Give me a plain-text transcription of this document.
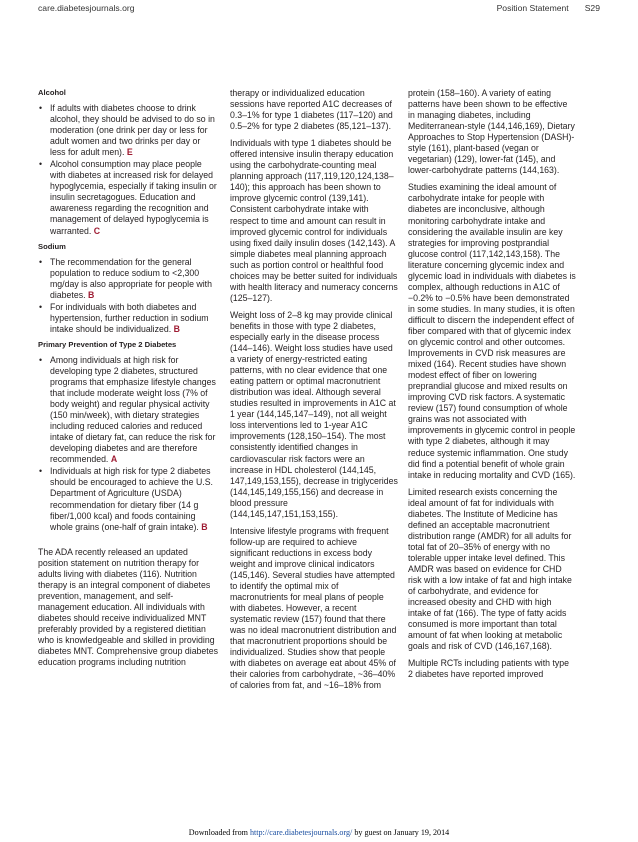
care.diabetesjournals.org	Position Statement S29
Alcohol
• If adults with diabetes choose to drink alcohol, they should be advised to do so in moderation (one drink per day or less for adult women and two drinks per day or less for adult men). E
• Alcohol consumption may place people with diabetes at increased risk for delayed hypoglycemia, especially if taking insulin or insulin secretagogues. Education and awareness regarding the recognition and management of delayed hypoglycemia is warranted. C
Sodium
• The recommendation for the general population to reduce sodium to <2,300 mg/day is also appropriate for people with diabetes. B
• For individuals with both diabetes and hypertension, further reduction in sodium intake should be individualized. B
Primary Prevention of Type 2 Diabetes
• Among individuals at high risk for developing type 2 diabetes, structured programs that emphasize lifestyle changes that include moderate weight loss (7% of body weight) and regular physical activity (150 min/week), with dietary strategies including reduced calories and reduced intake of dietary fat, can reduce the risk for developing diabetes and are therefore recommended. A
• Individuals at high risk for type 2 diabetes should be encouraged to achieve the U.S. Department of Agriculture (USDA) recommendation for dietary fiber (14 g fiber/1,000 kcal) and foods containing whole grains (one-half of grain intake). B

The ADA recently released an updated position statement on nutrition therapy for adults living with diabetes (116). Nutrition therapy is an integral component of diabetes prevention, management, and self-management education. All individuals with diabetes should receive individualized MNT preferably provided by a registered dietitian who is knowledgeable and skilled in providing diabetes MNT. Comprehensive group diabetes education programs including nutrition

therapy or individualized education sessions have reported A1C decreases of 0.3–1% for type 1 diabetes (117–120) and 0.5–2% for type 2 diabetes (85,121–137).

Individuals with type 1 diabetes should be offered intensive insulin therapy education using the carbohydrate-counting meal planning approach (117,119,120,124,138–140); this approach has been shown to improve glycemic control (139,141). Consistent carbohydrate intake with respect to time and amount can result in improved glycemic control for individuals using fixed daily insulin doses (142,143). A simple diabetes meal planning approach such as portion control or healthful food choices may be better suited for individuals with health literacy and numeracy concerns (125–127).

Weight loss of 2–8 kg may provide clinical benefits in those with type 2 diabetes, especially early in the disease process (144–146). Weight loss studies have used a variety of energy-restricted eating patterns, with no clear evidence that one eating pattern or optimal macronutrient distribution was ideal. Although several studies resulted in improvements in A1C at 1 year (144,145,147–149), not all weight loss interventions led to 1-year A1C improvements (128,150–154). The most consistently identified changes in cardiovascular risk factors were an increase in HDL cholesterol (144,145, 147,149,153,155), decrease in triglycerides (144,145,149,155,156) and decrease in blood pressure (144,145,147,151,153,155).

Intensive lifestyle programs with frequent follow-up are required to achieve significant reductions in excess body weight and improve clinical indicators (145,146). Several studies have attempted to identify the optimal mix of macronutrients for meal plans of people with diabetes. However, a recent systematic review (157) found that there was no ideal macronutrient distribution and that macronutrient proportions should be individualized. Studies show that people with diabetes on average eat about 45% of their calories from carbohydrate, ~36–40% of calories from fat, and ~16–18% from

protein (158–160). A variety of eating patterns have been shown to be effective in managing diabetes, including Mediterranean-style (144,146,169), Dietary Approaches to Stop Hypertension (DASH)-style (161), plant-based (vegan or vegetarian) (129), lower-fat (145), and lower-carbohydrate patterns (144,163).

Studies examining the ideal amount of carbohydrate intake for people with diabetes are inconclusive, although monitoring carbohydrate intake and considering the available insulin are key strategies for improving postprandial glucose control (117,142,143,158). The literature concerning glycemic index and glycemic load in individuals with diabetes is complex, although reductions in A1C of −0.2% to −0.5% have been demonstrated in some studies. In many studies, it is often difficult to discern the independent effect of fiber compared with that of glycemic index on glycemic control and other outcomes. Improvements in CVD risk measures are mixed (164). Recent studies have shown modest effect of fiber on lowering preprandial glucose and mixed results on improving CVD risk factors. A systematic review (157) found consumption of whole grains was not associated with improvements in glycemic control in people with type 2 diabetes, although it may reduce systemic inflammation. One study did find a potential benefit of whole grain intake in reducing mortality and CVD (165).

Limited research exists concerning the ideal amount of fat for individuals with diabetes. The Institute of Medicine has defined an acceptable macronutrient distribution range (AMDR) for all adults for total fat of 20–35% of energy with no tolerable upper intake level defined. This AMDR was based on evidence for CHD risk with a low intake of fat and high intake of carbohydrate, and evidence for increased obesity and CHD with high intake of fat (166). The type of fatty acids consumed is more important than total amount of fat when looking at metabolic goals and risk of CVD (146,167,168).

Multiple RCTs including patients with type 2 diabetes have reported improved

Downloaded from http://care.diabetesjournals.org/ by guest on January 19, 2014
